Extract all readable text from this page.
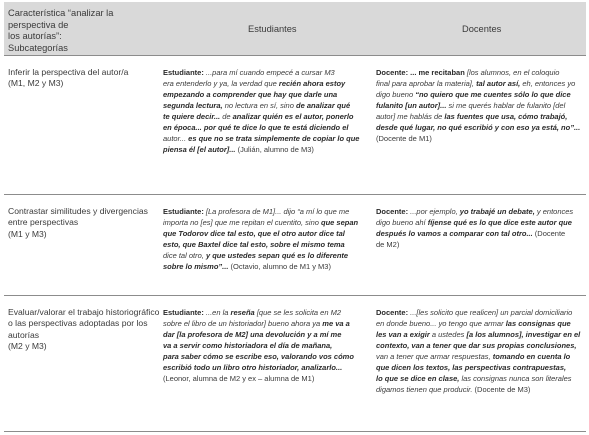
Característica “analizar la perspectiva de
los autorías”:
Subcategorías
Estudiantes	Docentes

Inferir la perspectiva del autor/a

(M1, M2 y M3)

Estudiante: ...para mí cuando empecé a cursar M3

era entenderlo y ya, la verdad que recién ahora estoy

empezando a comprender que hay que darle una

segunda lectura, no lectura en sí, sino de analizar qué

te quiere decir... de analizar quién es el autor, ponerlo

en época... por qué te dice lo que te está diciendo el

autor... es que no se trata simplemente de copiar lo que

piensa él [el autor]... (Julián, alumno de M3)

Docente: ... me recitaban [los alumnos, en el coloquio

final para aprobar la materia], tal autor así, eh, entonces yo

digo bueno “no quiero que me cuentes sólo lo que dice

fulanito [un autor]... si me querés hablar de fulanito [del

autor] me hablás de las fuentes que usa, cómo trabajó,

desde qué lugar, no qué escribió y con eso ya está, no”...

(Docente de M1)

Contrastar similitudes y divergencias

entre perspectivas

(M1 y M3)

Estudiante: [La profesora de M1]... dijo “a mí lo que me

importa no [es] que me repitan el cuentito, sino que sepan

que Todorov dice tal esto, que el otro autor dice tal

esto, que Baxtel dice tal esto, sobre el mismo tema

dice tal otro, y que ustedes sepan qué es lo diferente

sobre lo mismo”... (Octavio, alumno de M1 y M3)

Docente: ...por ejemplo, yo trabajé un debate, y entonces

digo bueno ahí fíjense qué es lo que dice este autor que

después lo vamos a comparar con tal otro... (Docente

de M2)

Evaluar/valorar el trabajo historiográfico

o las perspectivas adoptadas por los

autorías

(M2 y M3)

Estudiante: ...en la reseña [que se les solicita en M2

sobre el libro de un historiador] bueno ahora ya me va a

dar [la profesora de M2] una devolución y a mí me

va a servir como historiadora el día de mañana,

para saber cómo se escribe eso, valorando vos cómo

escribió todo un libro otro historiador, analizarlo...

(Leonor, alumna de M2 y ex – alumna de M1)

Docente: ...[les solicito que realicen] un parcial domiciliario

en donde bueno... yo tengo que armar las consignas que

les van a exigir a ustedes [a los alumnos], investigar en el

contexto, van a tener que dar sus propias conclusiones,

van a tener que armar respuestas, tomando en cuenta lo

que dicen los textos, las perspectivas contrapuestas,

lo que se dice en clase, las consignas nunca son literales

digamos tienen que producir. (Docente de M3)
